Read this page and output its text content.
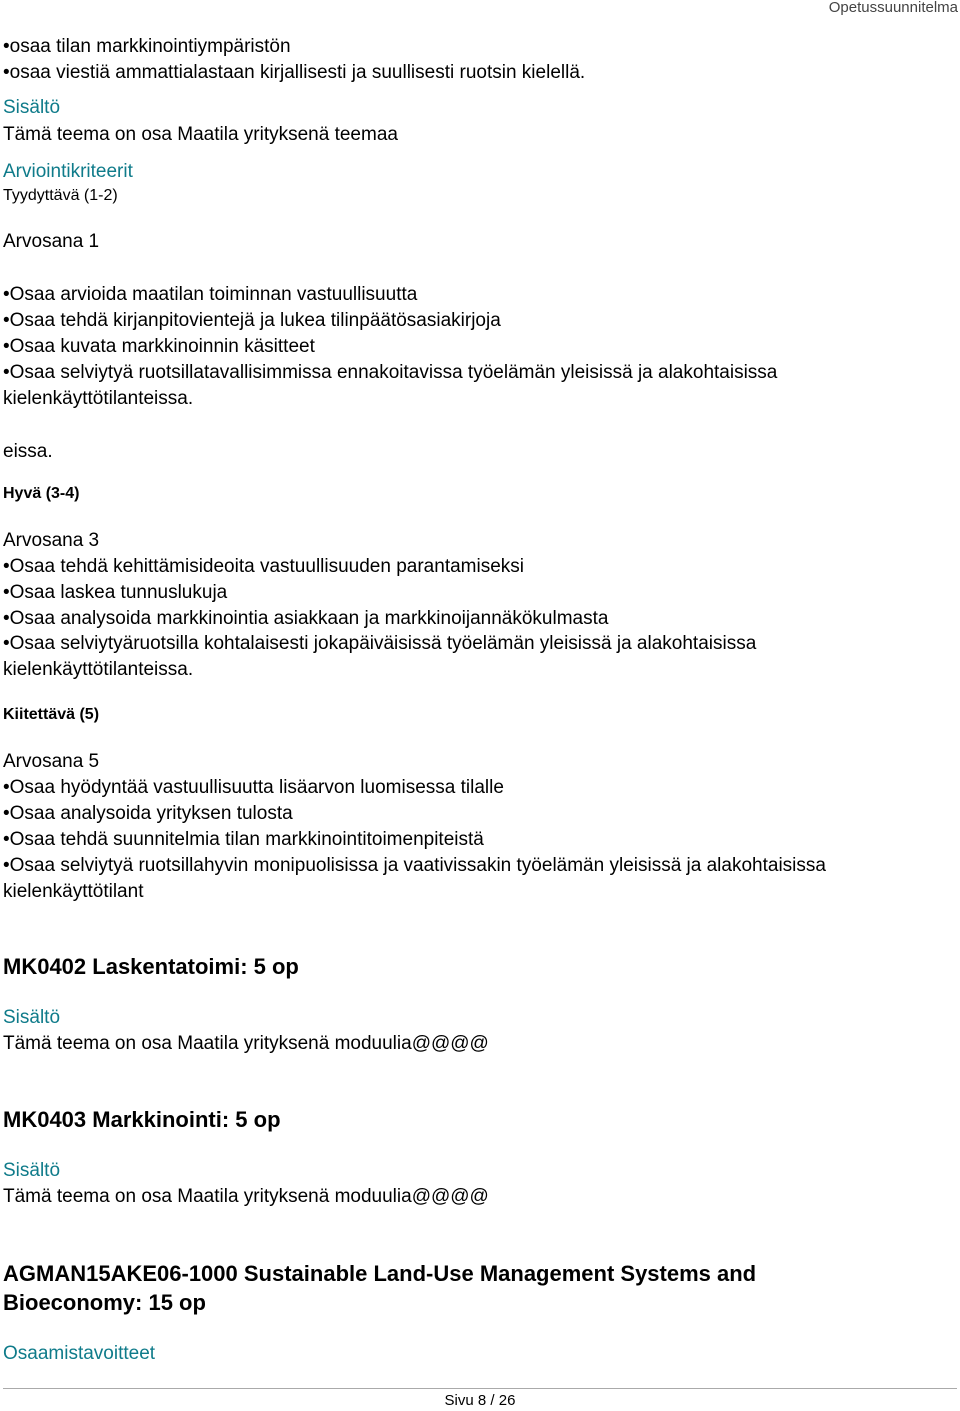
Opetussuunnitelma
•osaa tilan markkinointiympäristön
•osaa viestiä ammattialastaan kirjallisesti ja suullisesti ruotsin kielellä.
Sisältö
Tämä teema on osa Maatila yrityksenä teemaa
Arviointikriteerit
Tyydyttävä (1-2)
Arvosana 1
•Osaa arvioida maatilan toiminnan vastuullisuutta
•Osaa tehdä kirjanpitovientejä ja lukea tilinpäätösasiakirjoja
•Osaa kuvata markkinoinnin käsitteet
•Osaa selviytyä ruotsillatavallisimmissa ennakoitavissa työelämän yleisissä ja alakohtaisissa
kielenkäyttötilanteissa.
eissa.
Hyvä (3-4)
Arvosana 3
•Osaa tehdä kehittämisideoita vastuullisuuden parantamiseksi
•Osaa laskea tunnuslukuja
•Osaa analysoida markkinointia asiakkaan ja markkinoijannäkökulmasta
•Osaa selviytyäruotsilla kohtalaisesti jokapäiväisissä työelämän yleisissä ja alakohtaisissa
kielenkäyttötilanteissa.
Kiitettävä (5)
Arvosana 5
•Osaa hyödyntää vastuullisuutta lisäarvon luomisessa tilalle
•Osaa analysoida yrityksen tulosta
•Osaa tehdä suunnitelmia tilan markkinointitoimenpiteistä
•Osaa selviytyä ruotsillahyvin monipuolisissa ja vaativissakin työelämän yleisissä ja alakohtaisissa
kielenkäyttötilant
MK0402 Laskentatoimi: 5 op
Sisältö
Tämä teema on osa Maatila yrityksenä moduulia@@@@
MK0403 Markkinointi: 5 op
Sisältö
Tämä teema on osa Maatila yrityksenä moduulia@@@@
AGMAN15AKE06-1000 Sustainable Land-Use Management Systems and
Bioeconomy: 15 op
Osaamistavoitteet
Sivu 8 / 26
